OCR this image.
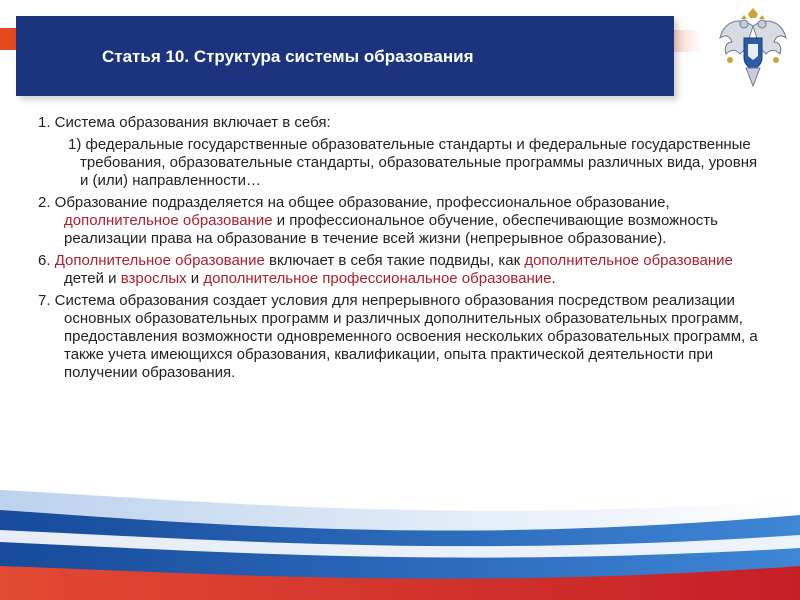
Статья 10. Структура системы образования

1. Система образования включает в себя:

1) федеральные государственные образовательные стандарты и федеральные государственные требования, образовательные стандарты, образовательные программы различных вида, уровня и (или) направленности…

2. Образование подразделяется на общее образование, профессиональное образование, дополнительное образование и профессиональное обучение, обеспечивающие возможность реализации права на образование в течение всей жизни (непрерывное образование).

6. Дополнительное образование включает в себя такие подвиды, как дополнительное образование детей и взрослых и дополнительное профессиональное образование.

7. Система образования создает условия для непрерывного образования посредством реализации основных образовательных программ и различных дополнительных образовательных программ, предоставления возможности одновременного освоения нескольких образовательных программ, а также учета имеющихся образования, квалификации, опыта практической деятельности при получении образования.
